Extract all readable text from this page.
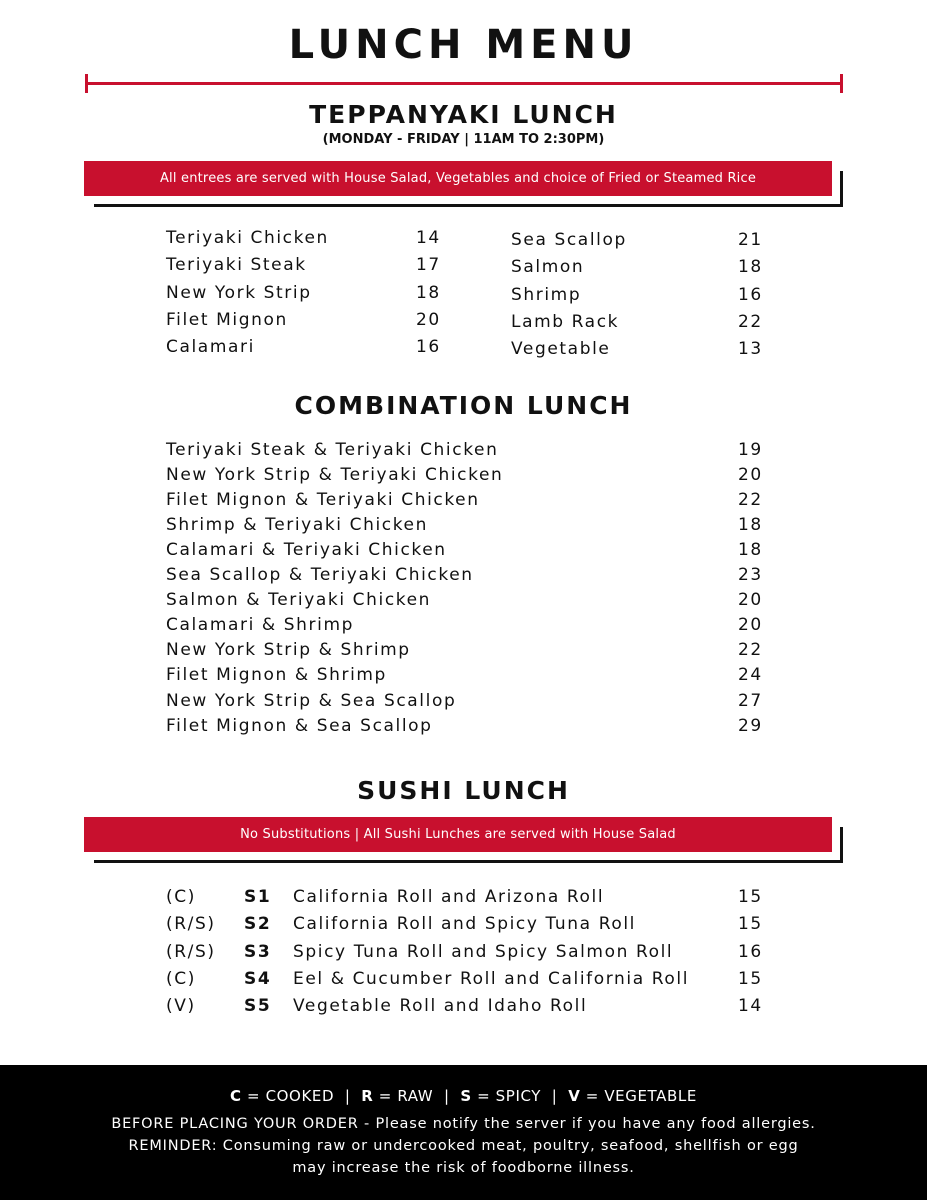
LUNCH MENU
TEPPANYAKI LUNCH
(MONDAY - FRIDAY | 11AM TO 2:30PM)
All entrees are served with House Salad, Vegetables and choice of Fried or Steamed Rice
Teriyaki Chicken	14
Teriyaki Steak	17
New York Strip	18
Filet Mignon	20
Calamari	16
Sea Scallop	21
Salmon	18
Shrimp	16
Lamb Rack	22
Vegetable	13
COMBINATION LUNCH
Teriyaki Steak & Teriyaki Chicken	19
New York Strip & Teriyaki Chicken	20
Filet Mignon & Teriyaki Chicken	22
Shrimp & Teriyaki Chicken	18
Calamari & Teriyaki Chicken	18
Sea Scallop & Teriyaki Chicken	23
Salmon & Teriyaki Chicken	20
Calamari & Shrimp	20
New York Strip & Shrimp	22
Filet Mignon & Shrimp	24
New York Strip & Sea Scallop	27
Filet Mignon & Sea Scallop	29
SUSHI LUNCH
No Substitutions | All Sushi Lunches are served with House Salad
(C)	S1 California Roll and Arizona Roll	15
(R/S) S2 California Roll and Spicy Tuna Roll	15
(R/S) S3 Spicy Tuna Roll and Spicy Salmon Roll	16
(C)	S4 Eel & Cucumber Roll and California Roll	15
(V)	S5 Vegetable Roll and Idaho Roll	14
C = COOKED  |  R = RAW  |  S = SPICY  |  V = VEGETABLE
BEFORE PLACING YOUR ORDER - Please notify the server if you have any food allergies.
REMINDER: Consuming raw or undercooked meat, poultry, seafood, shellfish or egg
may increase the risk of foodborne illness.
